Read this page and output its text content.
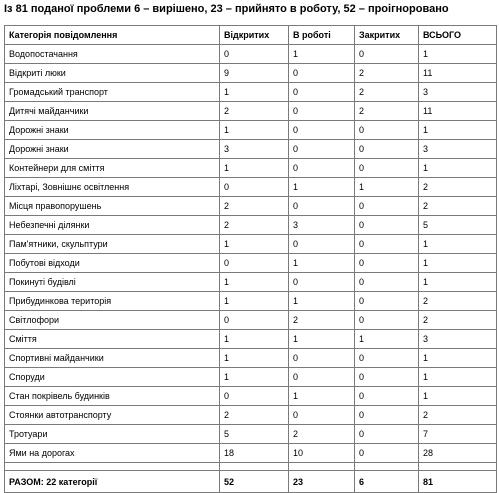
Із 81 поданої проблеми 6 – вирішено, 23 – прийнято в роботу, 52 – проігноровано
Категорія повідомлення	Відкритих	В роботі	Закритих	ВСЬОГО
Водопостачання	0	1	0	1
Відкриті люки	9	0	2	11
Громадський транспорт	1	0	2	3
Дитячі майданчики	2	0	2	11
Дорожні знаки	1	0	0	1
Дорожні знаки	3	0	0	3
Контейнери для сміття	1	0	0	1
Ліхтарі, Зовнішнє освітлення	0	1	1	2
Місця правопорушень	2	0	0	2
Небезпечні ділянки	2	3	0	5
Пам'ятники, скульптури	1	0	0	1
Побутові відходи	0	1	0	1
Покинуті будівлі	1	0	0	1
Прибудинкова територія	1	1	0	2
Світлофори	0	2	0	2
Сміття	1	1	1	3
Спортивні майданчики	1	0	0	1
Споруди	1	0	0	1
Стан покрівель будинків	0	1	0	1
Стоянки автотранспорту	2	0	0	2
Тротуари	5	2	0	7
Ями на дорогах	18	10	0	28

РАЗОМ: 22 категорії	52	23	6	81
